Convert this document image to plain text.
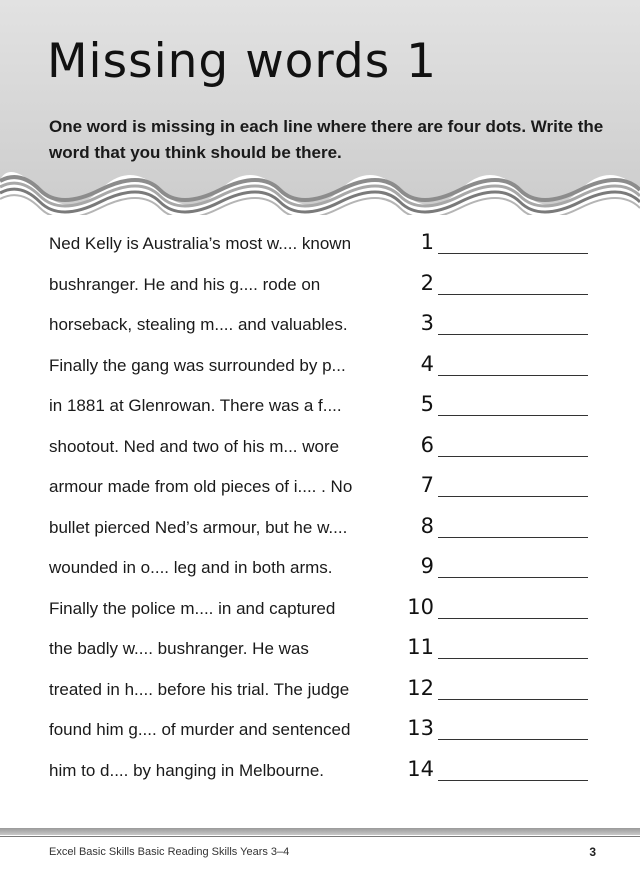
Missing words 1

One word is missing in each line where there are four dots. Write the word that you think should be there.

Ned Kelly is Australia’s most w.... known	1
bushranger. He and his g.... rode on	2
horseback, stealing m.... and valuables.	3
Finally the gang was surrounded by p...	4
in 1881 at Glenrowan. There was a f....	5
shootout. Ned and two of his m... wore	6
armour made from old pieces of i.... . No	7
bullet pierced Ned’s armour, but he w....	8
wounded in o.... leg and in both arms.	9
Finally the police m.... in and captured	10
the badly w.... bushranger. He was	11
treated in h.... before his trial. The judge	12
found him g.... of murder and sentenced	13
him to d.... by hanging in Melbourne.	14
Excel Basic Skills Basic Reading Skills Years 3–4	3
